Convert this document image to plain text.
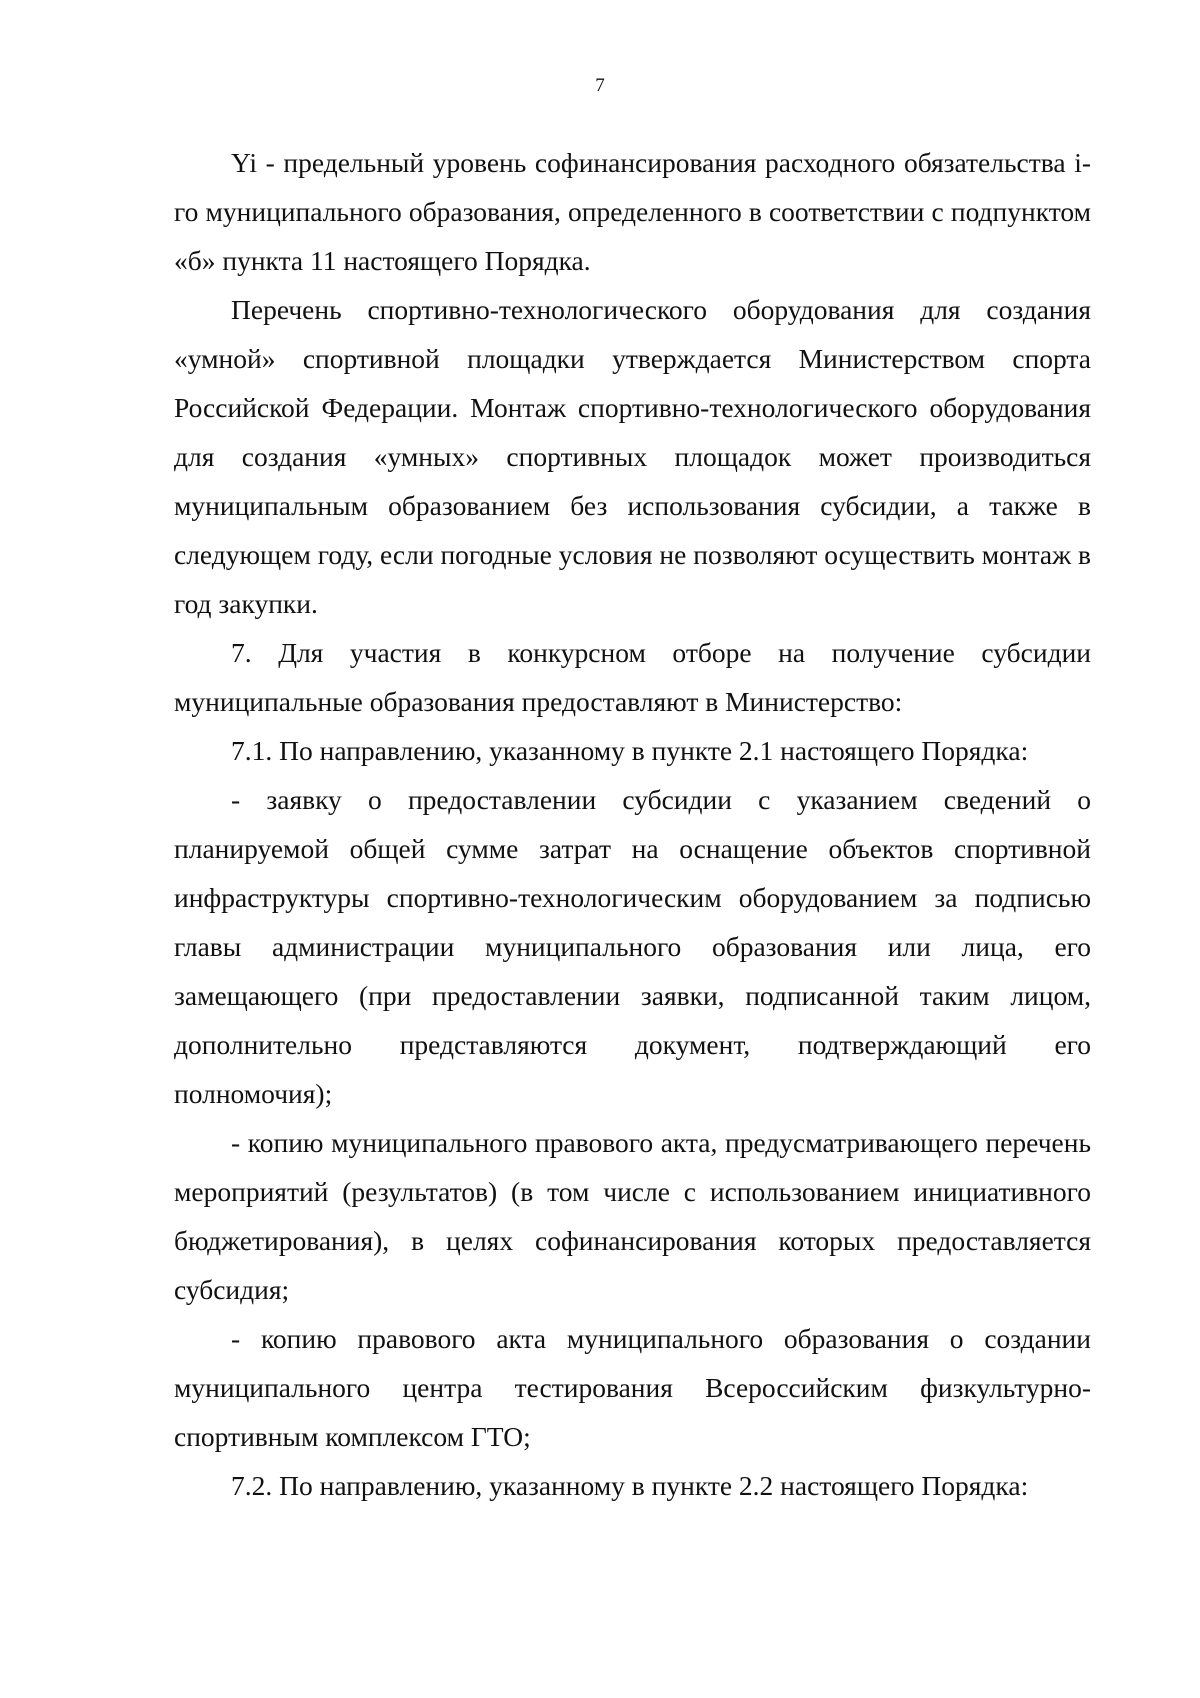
7

Yi - предельный уровень софинансирования расходного обязательства i-го муниципального образования, определенного в соответствии с подпунктом «б» пункта 11 настоящего Порядка.

Перечень спортивно-технологического оборудования для создания «умной» спортивной площадки утверждается Министерством спорта Российской Федерации. Монтаж спортивно-технологического оборудования для создания «умных» спортивных площадок может производиться муниципальным образованием без использования субсидии, а также в следующем году, если погодные условия не позволяют осуществить монтаж в год закупки.

7. Для участия в конкурсном отборе на получение субсидии муниципальные образования предоставляют в Министерство:

7.1. По направлению, указанному в пункте 2.1 настоящего Порядка:

- заявку о предоставлении субсидии с указанием сведений о планируемой общей сумме затрат на оснащение объектов спортивной инфраструктуры спортивно-технологическим оборудованием за подписью главы администрации муниципального образования или лица, его замещающего (при предоставлении заявки, подписанной таким лицом, дополнительно представляются документ, подтверждающий его полномочия);

- копию муниципального правового акта, предусматривающего перечень мероприятий (результатов) (в том числе с использованием инициативного бюджетирования), в целях софинансирования которых предоставляется субсидия;

- копию правового акта муниципального образования о создании муниципального центра тестирования Всероссийским физкультурно-спортивным комплексом ГТО;

7.2. По направлению, указанному в пункте 2.2 настоящего Порядка:
